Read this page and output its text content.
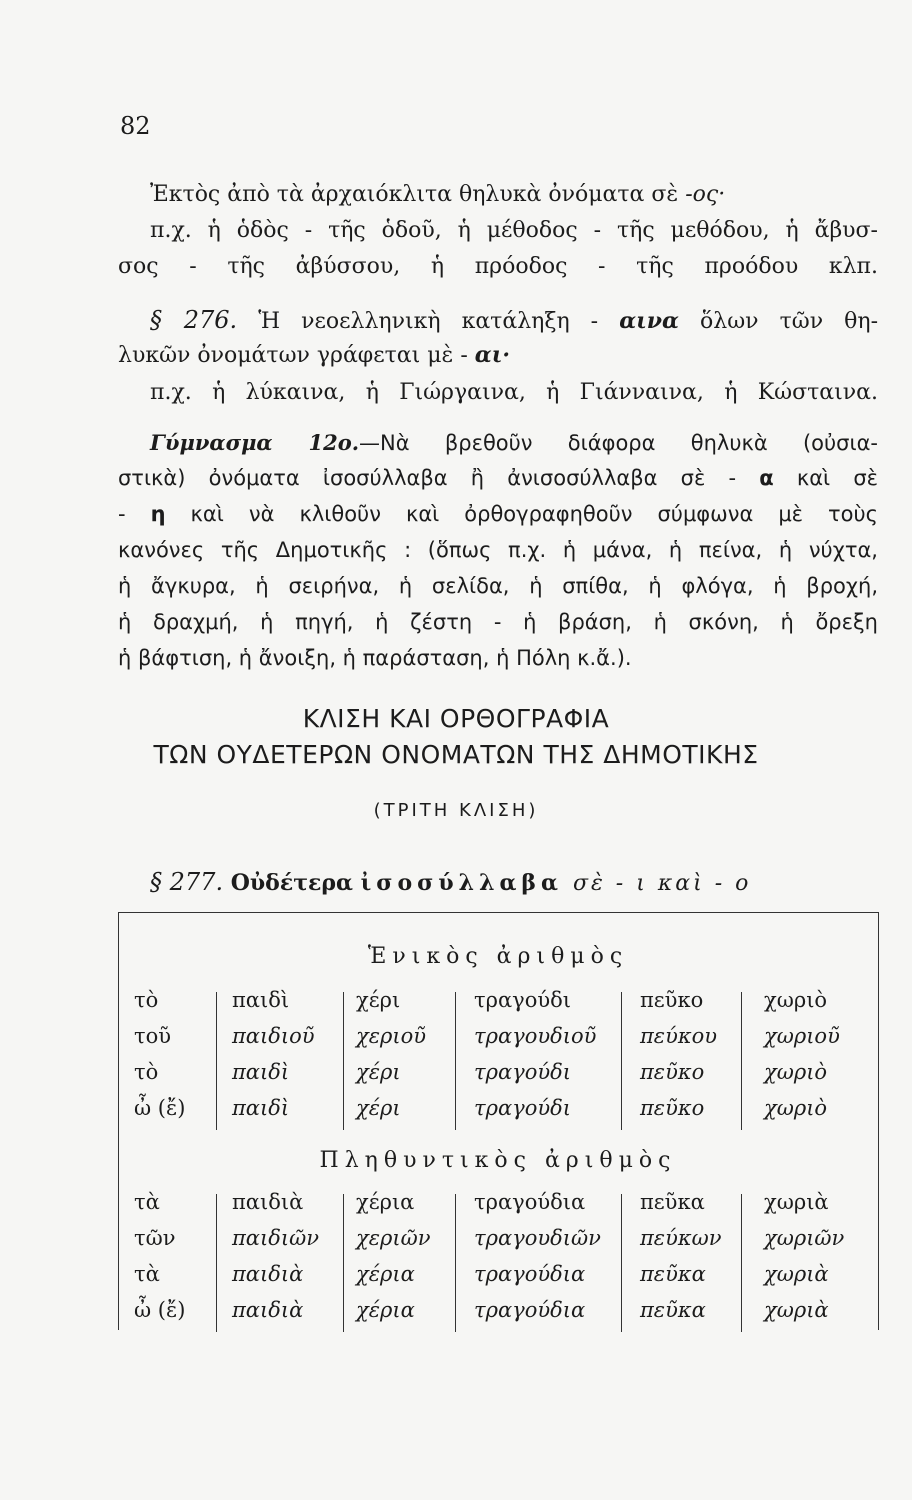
82
Ἐκτὸς ἀπὸ τὰ ἀρχαιόκλιτα θηλυκὰ ὀνόματα σὲ -ος·
π.χ. ἡ ὁδὸς - τῆς ὁδοῦ, ἡ μέθοδος - τῆς μεθόδου, ἡ ἄβυσ-
σος - τῆς ἀβύσσου, ἡ πρόοδος - τῆς προόδου κλπ.
§ 276. Ἡ νεοελληνικὴ κατάληξη - αινα ὅλων τῶν θη-
λυκῶν ὀνομάτων γράφεται μὲ - αι·
π.χ. ἡ λύκαινα, ἡ Γιώργαινα, ἡ Γιάνναινα, ἡ Κώσταινα.
Γύμνασμα 12ο.—Νὰ βρεθοῦν διάφορα θηλυκὰ (οὐσια-
στικὰ) ὀνόματα ἰσοσύλλαβα ἢ ἀνισοσύλλαβα σὲ - α καὶ σὲ
- η καὶ νὰ κλιθοῦν καὶ ὀρθογραφηθοῦν σύμφωνα μὲ τοὺς
κανόνες τῆς Δημοτικῆς : (ὅπως π.χ. ἡ μάνα, ἡ πείνα, ἡ νύχτα,
ἡ ἄγκυρα, ἡ σειρήνα, ἡ σελίδα, ἡ σπίθα, ἡ φλόγα, ἡ βροχή,
ἡ δραχμή, ἡ πηγή, ἡ ζέστη - ἡ βράση, ἡ σκόνη, ἡ ὄρεξη
ἡ βάφτιση, ἡ ἄνοιξη, ἡ παράσταση, ἡ Πόλη κ.ἄ.).
ΚΛΙΣΗ ΚΑΙ ΟΡΘΟΓΡΑΦΙΑ
ΤΩΝ ΟΥΔΕΤΕΡΩΝ ΟΝΟΜΑΤΩΝ ΤΗΣ ΔΗΜΟΤΙΚΗΣ
(ΤΡΙΤΗ ΚΛΙΣΗ)
§ 277. Οὐδέτερα ἰσοσύλλαβα σὲ - ι καὶ - ο
Ἑνικὸς ἀριθμὸς
τὸ	παιδὶ	χέρι	τραγούδι	πεῦκο	χωριὸ
τοῦ	παιδιοῦ χεριοῦ τραγουδιοῦ πεύκου χωριοῦ
τὸ	παιδὶ	χέρι	τραγούδι	πεῦκο	χωριὸ
ὦ (ἔ) παιδὶ	χέρι	τραγούδι	πεῦκο	χωριὸ
Πληθυντικὸς ἀριθμὸς
τὰ	παιδιὰ	χέρια	τραγούδια	πεῦκα	χωριὰ
τῶν	παιδιῶν χεριῶν τραγουδιῶν πεύκων χωριῶν
τὰ	παιδιὰ	χέρια	τραγούδια	πεῦκα	χωριὰ
ὦ (ἔ) παιδιὰ	χέρια	τραγούδια	πεῦκα	χωριὰ
